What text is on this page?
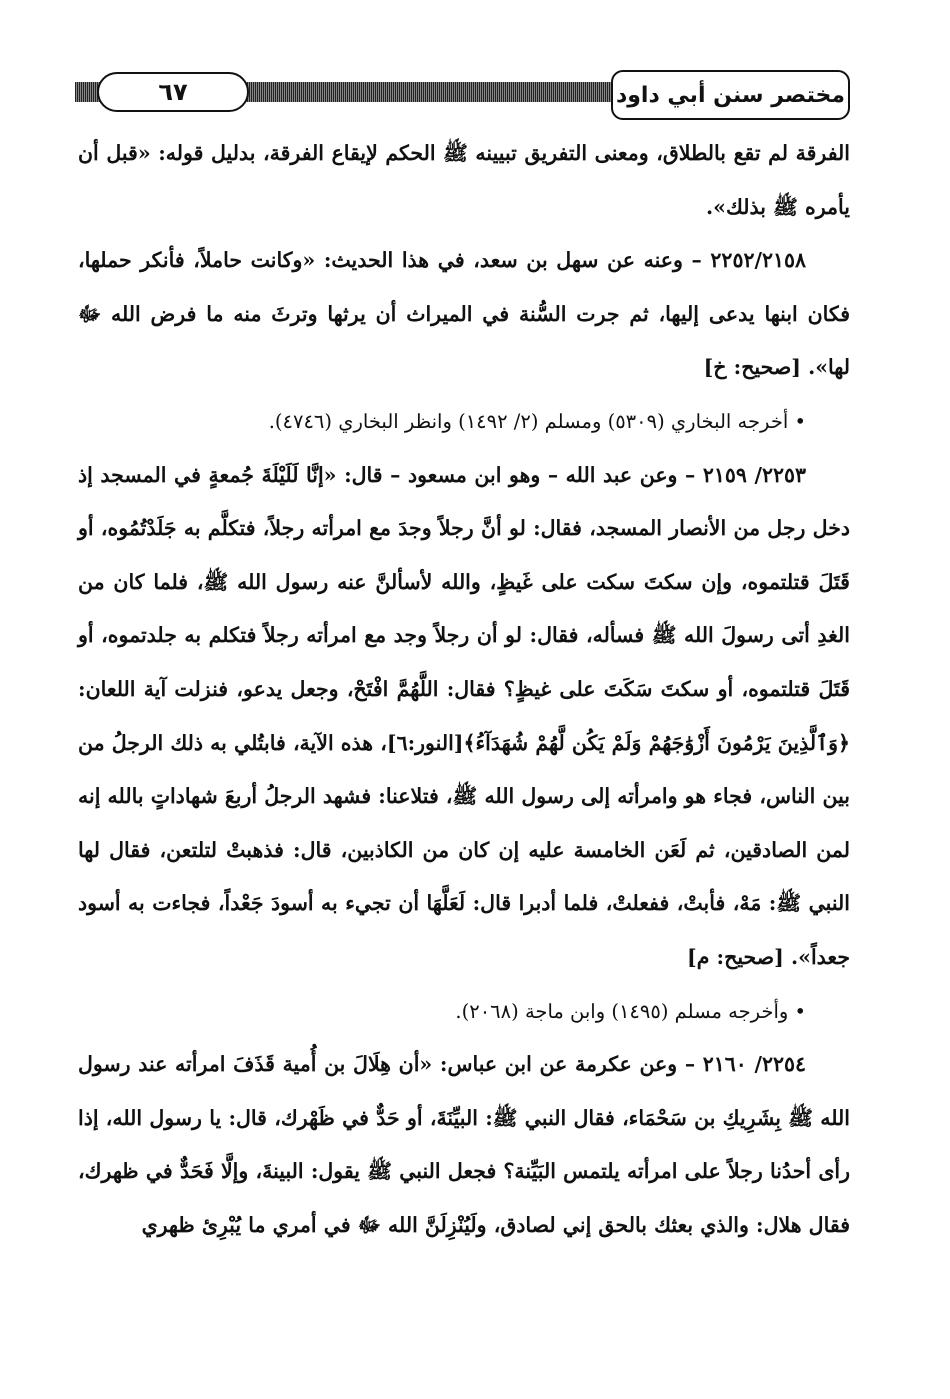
مختصر سنن أبي داود
٦٧

الفرقة لم تقع بالطلاق، ومعنى التفريق تبيينه ﷺ الحكم لإيقاع الفرقة، بدليل قوله: «قبل أن يأمره ﷺ بذلك».

٢٢٥٢/٢١٥٨ – وعنه عن سهل بن سعد، في هذا الحديث: «وكانت حاملاً، فأنكر حملها، فكان ابنها يدعى إليها، ثم جرت السُّنة في الميراث أن يرثها وترثَ منه ما فرض الله ﷻ لها». [صحيح: خ]

• أخرجه البخاري (٥٣٠٩) ومسلم (٢/ ١٤٩٢) وانظر البخاري (٤٧٤٦).

٢٢٥٣/ ٢١٥٩ – وعن عبد الله – وهو ابن مسعود – قال: «إنَّا لَلَيْلَةَ جُمعةٍ في المسجد إذ دخل رجل من الأنصار المسجد، فقال: لو أنَّ رجلاً وجدَ مع امرأته رجلاً، فتكلَّم به جَلَدْتُمُوه، أو قَتَلَ قتلتموه، وإن سكتَ سكت على غَيظٍ، والله لأسألنَّ عنه رسول الله ﷺ، فلما كان من الغدِ أتى رسولَ الله ﷺ فسأله، فقال: لو أن رجلاً وجد مع امرأته رجلاً فتكلم به جلدتموه، أو قَتَلَ قتلتموه، أو سكتَ سَكَتَ على غيظٍ؟ فقال: اللَّهُمَّ افْتَحْ، وجعل يدعو، فنزلت آية اللعان: ﴿وَٱلَّذِينَ يَرْمُونَ أَزْوَٰجَهُمْ وَلَمْ يَكُن لَّهُمْ شُهَدَآءُ﴾[النور:٦]، هذه الآية، فابتُلي به ذلك الرجلُ من بين الناس، فجاء هو وامرأته إلى رسول الله ﷺ، فتلاعنا: فشهد الرجلُ أربعَ شهاداتٍ بالله إنه لمن الصادقين، ثم لَعَن الخامسة عليه إن كان من الكاذبين، قال: فذهبتْ لتلتعن، فقال لها النبي ﷺ: مَهْ، فأبتْ، ففعلتْ، فلما أدبرا قال: لَعَلَّهَا أن تجيء به أسودَ جَعْداً، فجاءت به أسود جعداً». [صحيح: م]

• وأخرجه مسلم (١٤٩٥) وابن ماجة (٢٠٦٨).

٢٢٥٤/ ٢١٦٠ – وعن عكرمة عن ابن عباس: «أن هِلَالَ بن أُمية قَذَفَ امرأته عند رسول الله ﷺ بِشَرِيكِ بن سَحْمَاء، فقال النبي ﷺ: البيِّنَةَ، أو حَدٌّ في ظَهْرك، قال: يا رسول الله، إذا رأى أحدُنا رجلاً على امرأته يلتمس البَيِّنة؟ فجعل النبي ﷺ يقول: البينةَ، وإلَّا فَحَدٌّ في ظهرك، فقال هلال: والذي بعثك بالحق إني لصادق، ولَيُنْزِلَنَّ الله ﷻ في أمري ما يُبْرِئ ظهري
